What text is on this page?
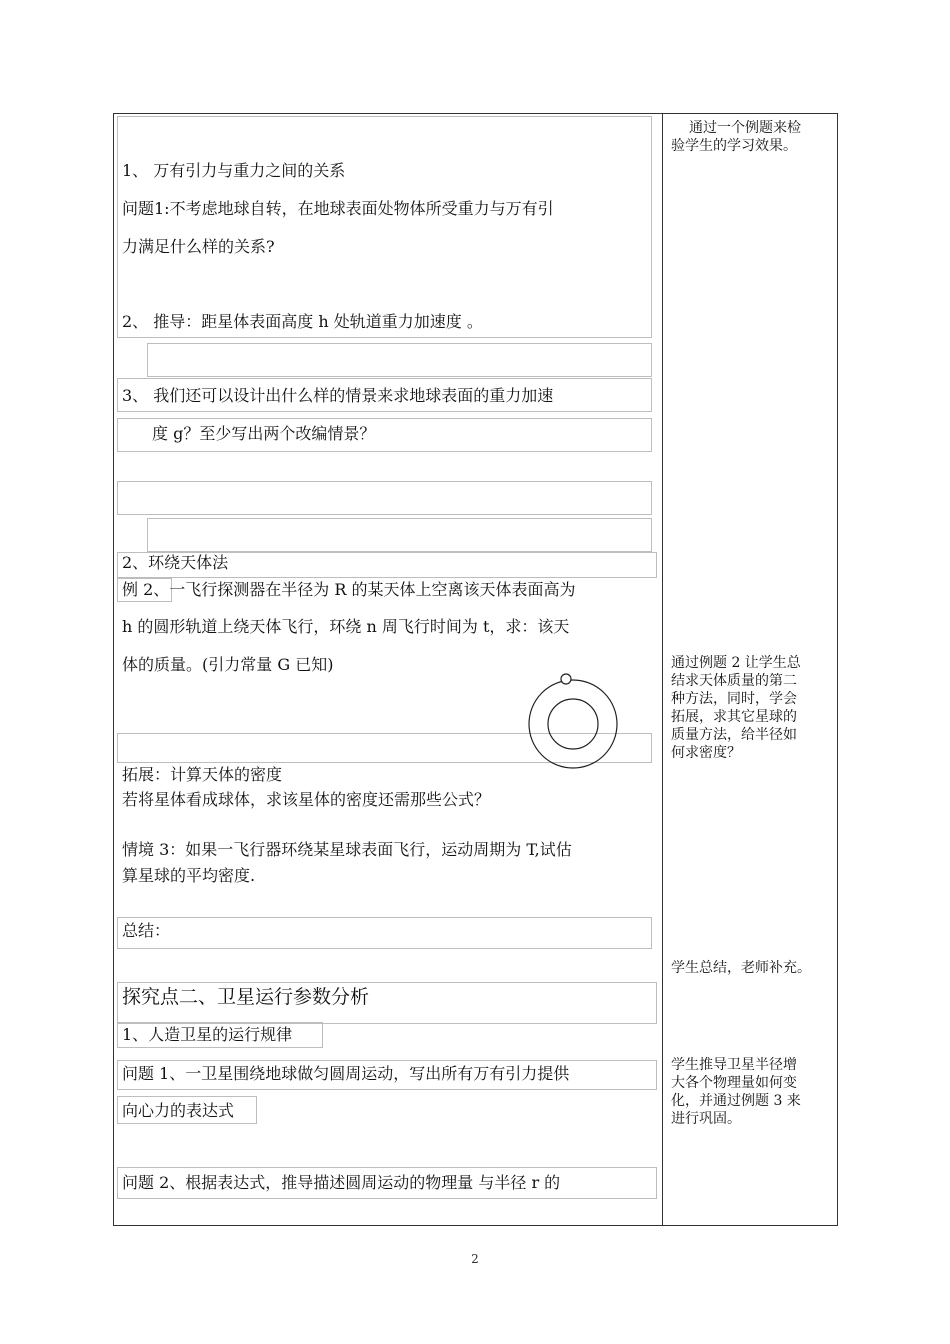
1、 万有引力与重力之间的关系
问题1:不考虑地球自转，在地球表面处物体所受重力与万有引
力满足什么样的关系?
2、 推导：距星体表面高度 h 处轨道重力加速度 。
3、 我们还可以设计出什么样的情景来求地球表面的重力加速
度 g？至少写出两个改编情景？
2、环绕天体法
例 2、一飞行探测器在半径为 R 的某天体上空离该天体表面高为
h 的圆形轨道上绕天体飞行，环绕 n 周飞行时间为 t，求：该天
体的质量。(引力常量 G 已知)
拓展：计算天体的密度
若将星体看成球体，求该星体的密度还需那些公式？
情境 3：如果一飞行器环绕某星球表面飞行，运动周期为 T,试估
算星球的平均密度.
总结：
探究点二、卫星运行参数分析
1、人造卫星的运行规律
问题 1、一卫星围绕地球做匀圆周运动，写出所有万有引力提供
向心力的表达式
问题 2、根据表达式，推导描述圆周运动的物理量 与半径 r 的
通过一个例题来检
验学生的学习效果。
通过例题 2 让学生总
结求天体质量的第二
种方法，同时，学会
拓展，求其它星球的
质量方法，给半径如
何求密度？
学生总结，老师补充。
学生推导卫星半径增
大各个物理量如何变
化，并通过例题 3 来
进行巩固。
2
